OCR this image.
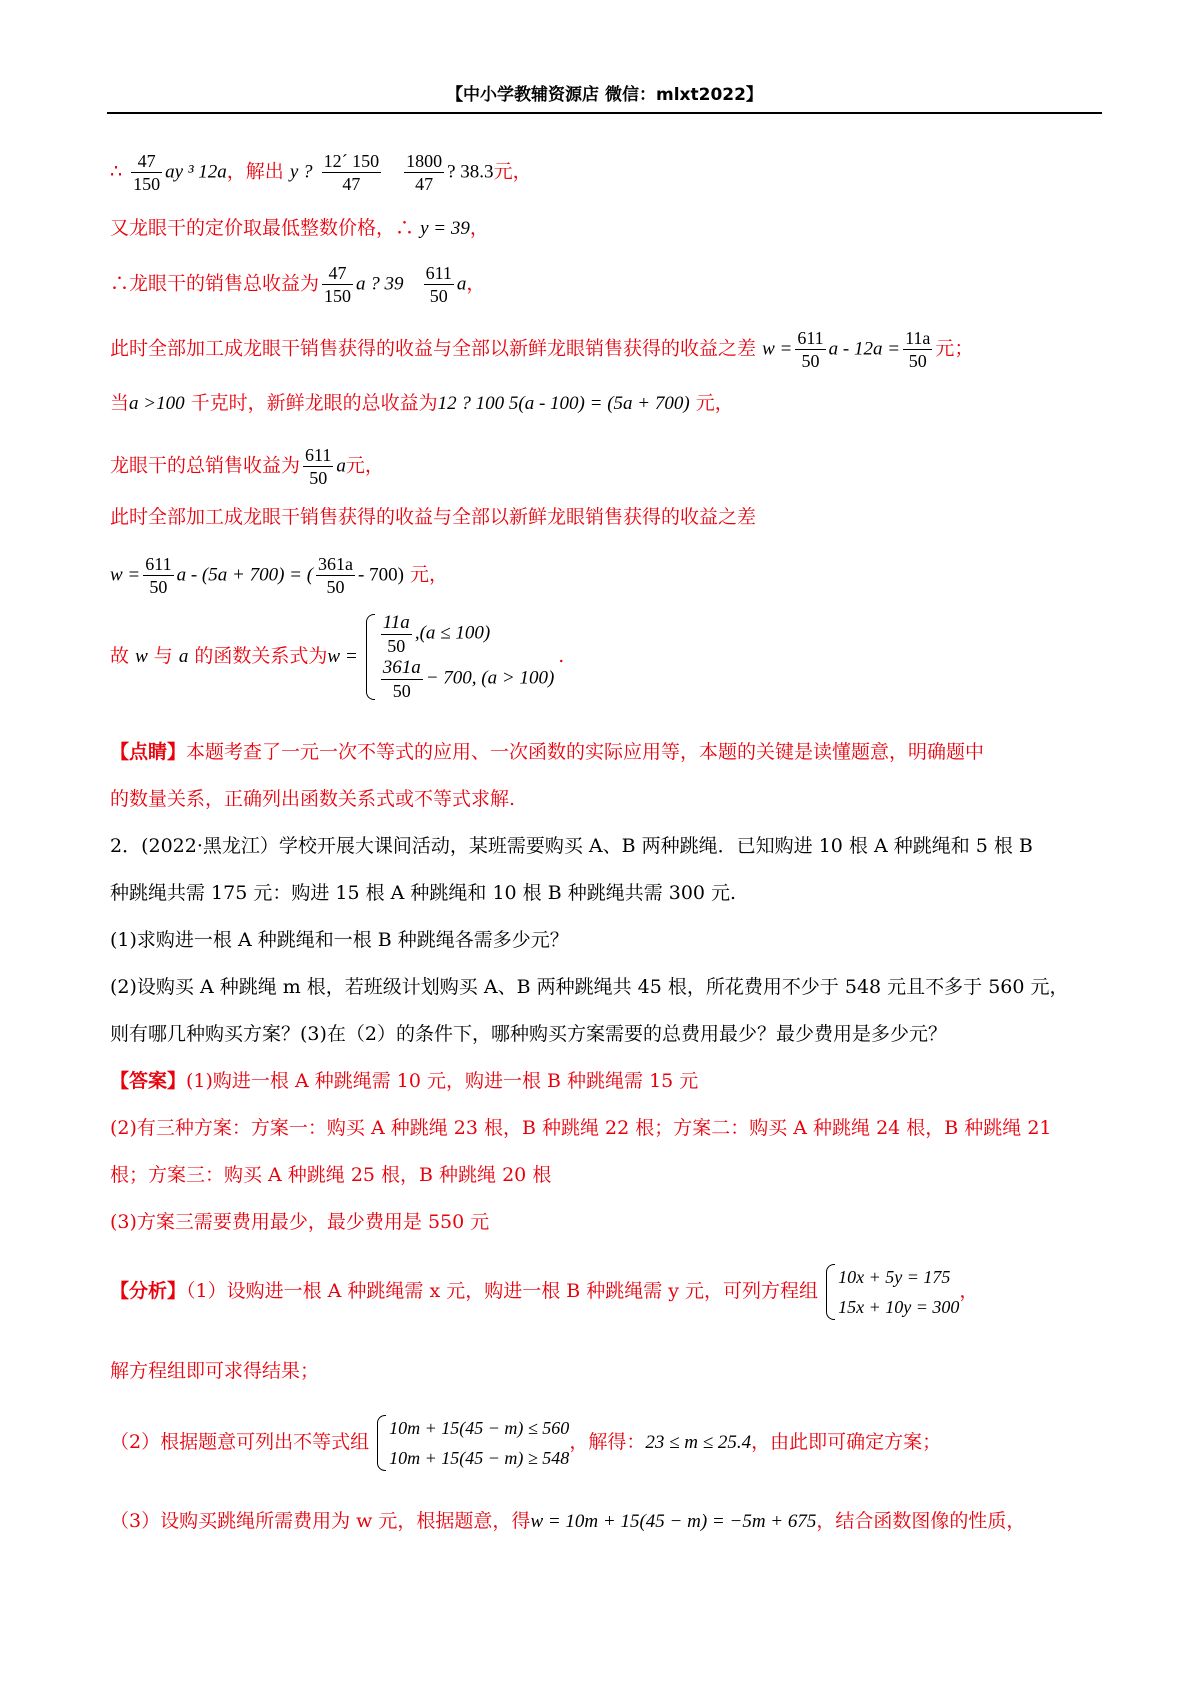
【中小学教辅资源店 微信：mlxt2022】
∴ $\frac{47}{150}$ ay ³ 12a，解出 y ? $\frac{12´ 150}{47}$
$\frac{1800}{47}$ ? 38.3元，
又龙眼干的定价取最低整数价格，∴ y = 39，
∴龙眼干的销售总收益为 $\frac{47}{150}$ a ? $39 \frac{611}{50}$ a，
此时全部加工成龙眼干销售获得的收益与全部以新鲜龙眼销售获得的收益之差 $w = \frac{611}{50}$ $a - 12a = \frac{11a}{50}$ 元；
当a >100 千克时，新鲜龙眼的总收益为12 ? 100 5(a - 100) = (5a + 700) 元，
龙眼干的总销售收益为 $\frac{611}{50}$ a元，
此时全部加工成龙眼干销售获得的收益与全部以新鲜龙眼销售获得的收益之差
$w = \frac{611}{50}$ a - (5a + 700) = ( $\frac{361a}{50} - 700$) 元，
故 w 与 a 的函数关系式为$w = \frac{11a}{50} ,(a \le 100)$
$\frac{361a}{50} - 700$, (a > 100)
.
【点睛】本题考查了一元一次不等式的应用、一次函数的实际应用等，本题的关键是读懂题意，明确题中
的数量关系，正确列出函数关系式或不等式求解.
2．(2022·黑龙江）学校开展大课间活动，某班需要购买 A、B 两种跳绳．已知购进 10 根 A 种跳绳和 5 根 B
种跳绳共需 175 元：购进 15 根 A 种跳绳和 10 根 B 种跳绳共需 300 元.
(1)求购进一根 A 种跳绳和一根 B 种跳绳各需多少元？
(2)设购买 A 种跳绳 m 根，若班级计划购买 A、B 两种跳绳共 45 根，所花费用不少于 548 元且不多于 560 元，
则有哪几种购买方案？(3)在（2）的条件下，哪种购买方案需要的总费用最少？最少费用是多少元？
【答案】(1)购进一根 A 种跳绳需 10 元，购进一根 B 种跳绳需 15 元
(2)有三种方案：方案一：购买 A 种跳绳 23 根，B 种跳绳 22 根；方案二：购买 A 种跳绳 24 根，B 种跳绳 21
根；方案三：购买 A 种跳绳 25 根，B 种跳绳 20 根
(3)方案三需要费用最少，最少费用是 550 元
【分析】（1）设购进一根 A 种跳绳需 x 元，购进一根 B 种跳绳需 y 元，可列方程组
10x + 5y = 175
15x + 10y = 300
，
解方程组即可求得结果；
（2）根据题意可列出不等式组
10m + 15(45 − m) ≤ 560
10m + 15(45 − m) ≥ 548
，解得：23 ≤ m ≤ 25.4，由此即可确定方案；
（3）设购买跳绳所需费用为 w 元，根据题意，得w = 10m + 15(45 − m) = −5m + 675，结合函数图像的性质，
